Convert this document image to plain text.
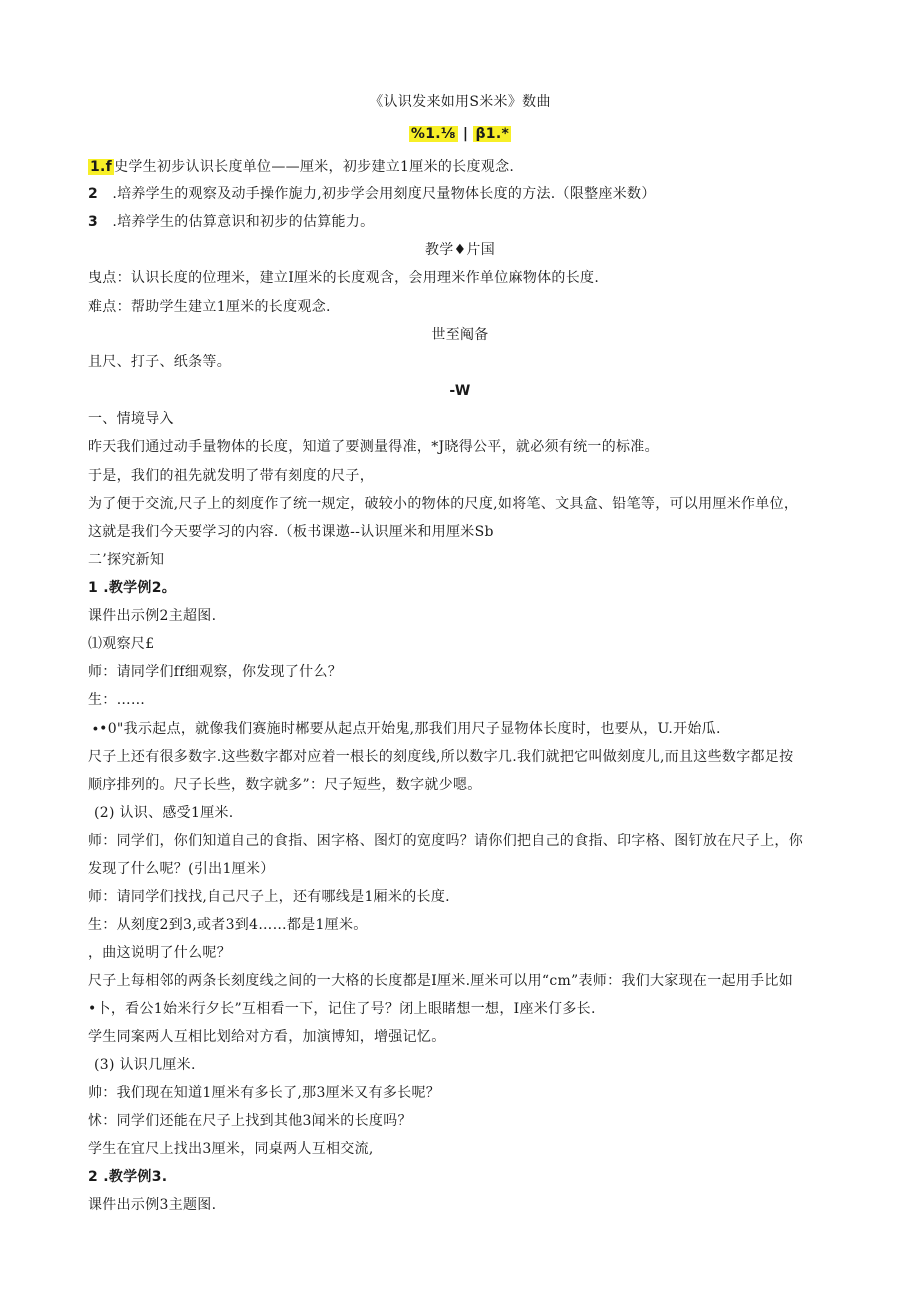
《认识发来如用S米米》数曲
%1.⅛ | β1.*
1.f 史学生初步认识长度单位——厘米，初步建立1厘米的长度观念.
2 .培养学生的观察及动手操作旎力,初步学会用刻度尺量物体长度的方法.（限整座米数）
3 .培养学生的估算意识和初步的估算能力。
教学♦片国
曳点：认识长度的位理米，建立I厘米的长度观含，会用理米作单位麻物体的长度.
难点：帮助学生建立1厘米的长度观念.
世至阄备
且尺、打子、纸条等。
-W
一、情境导入
昨天我们通过动手量物体的长度，知道了要测量得准，*J晓得公平，就必须有统一的标准。
于是，我们的祖先就发明了带有刻度的尺子，
为了便于交流,尺子上的刻度作了统一规定，破较小的物体的尺度,如将笔、文具盒、铅笔等，可以用厘米作单位，
这就是我们今天要学习的内容.（板书课遨--认识厘米和用厘米Sb
二’探究新知
1 .教学例2。
课件出示例2主超图.
⑴观察尺£
师：请同学们ff细观察，你发现了什么？
生：……
∙•0"我示起点，就像我们赛施时郴要从起点开始鬼,那我们用尺子显物体长度时，也要从，U.开始瓜.
尺子上还有很多数字.这些数字都对应着一根长的刻度线,所以数字几.我们就把它叫做刻度儿,而且这些数字都足按
顺序排列的。尺子长些，数字就多”：尺子短些，数字就少嗯。
(2) 认识、感受1厘米.
师：同学们，你们知道自己的食指、困字格、图灯的宽度吗？请你们把自己的食指、印字格、图钉放在尺子上，你
发现了什么呢？(引出1厘米）
师：请同学们找找,自己尺子上，还有哪线是1厢米的长度.
生：从刻度2到3,或者3到4……都是1厘米。
，曲这说明了什么呢？
尺子上每相邻的两条长刻度线之间的一大格的长度都是I厘米.厘米可以用“cm”表师：我们大家现在一起用手比如
•卜，看公1始米行夕长”互相看一下，记住了号？闭上眼睹想一想，I座米仃多长.
学生同案两人互相比划给对方看，加演博知，增强记忆。
(3) 认识几厘米.
帅：我们现在知道1厘米有多长了,那3厘米又有多长呢？
怵：同学们还能在尺子上找到其他3闻米的长度吗？
学生在宜尺上找出3厘米，同桌两人互相交流,
2 .教学例3.
课件出示例3主题图.
